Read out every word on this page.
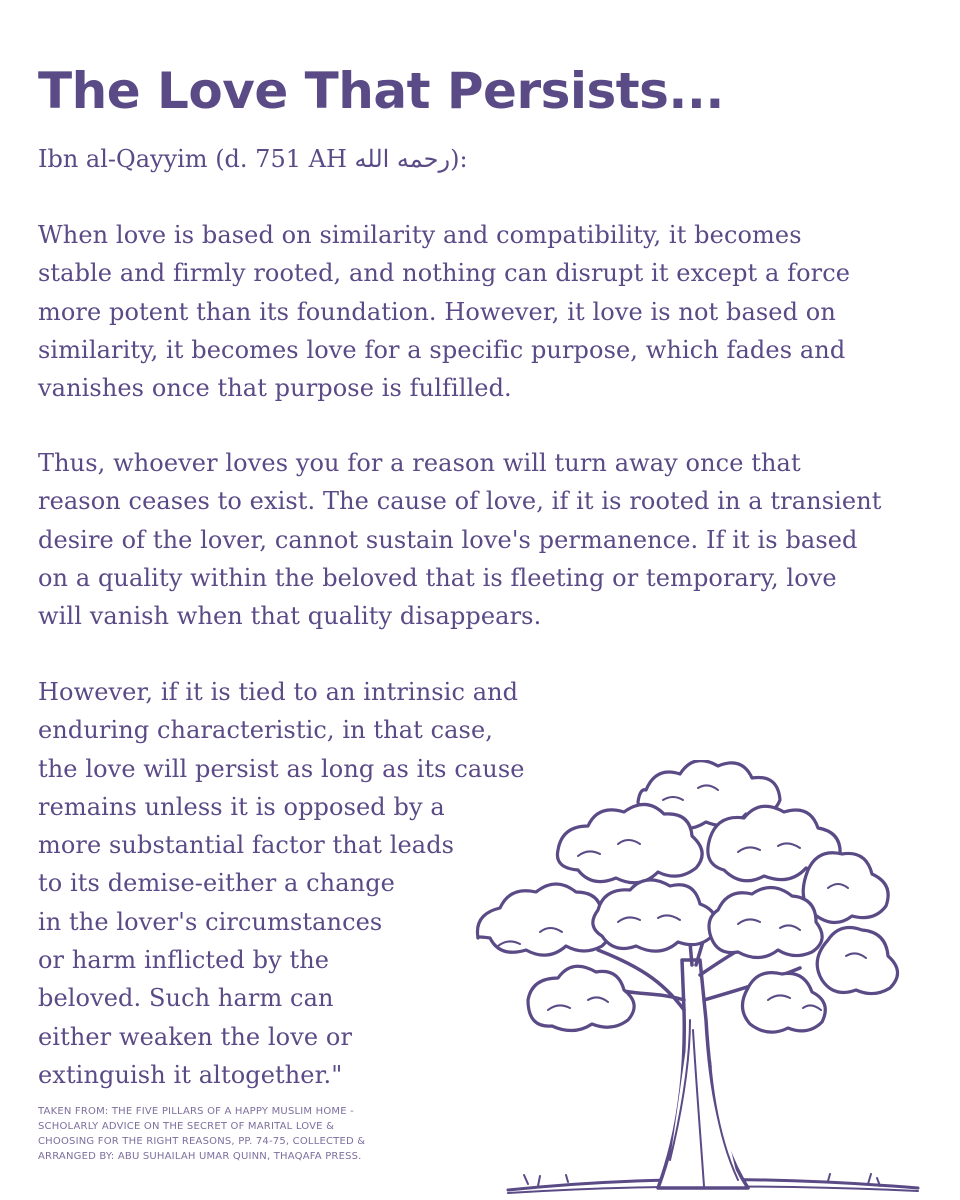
The Love That Persists...
Ibn al-Qayyim (d. 751 AH رحمه الله):

When love is based on similarity and compatibility, it becomes
stable and firmly rooted, and nothing can disrupt it except a force
more potent than its foundation. However, it love is not based on
similarity, it becomes love for a specific purpose, which fades and
vanishes once that purpose is fulfilled.

Thus, whoever loves you for a reason will turn away once that
reason ceases to exist. The cause of love, if it is rooted in a transient
desire of the lover, cannot sustain love's permanence. If it is based
on a quality within the beloved that is fleeting or temporary, love
will vanish when that quality disappears.

However, if it is tied to an intrinsic and
enduring characteristic, in that case,
the love will persist as long as its cause
remains unless it is opposed by a
more substantial factor that leads
to its demise-either a change
in the lover's circumstances
or harm inflicted by the
beloved. Such harm can
either weaken the love or
extinguish it altogether."

TAKEN FROM: THE FIVE PILLARS OF A HAPPY MUSLIM HOME -
SCHOLARLY ADVICE ON THE SECRET OF MARITAL LOVE &
CHOOSING FOR THE RIGHT REASONS, PP. 74-75, COLLECTED &
ARRANGED BY: ABU SUHAILAH UMAR QUINN, THAQAFA PRESS.
